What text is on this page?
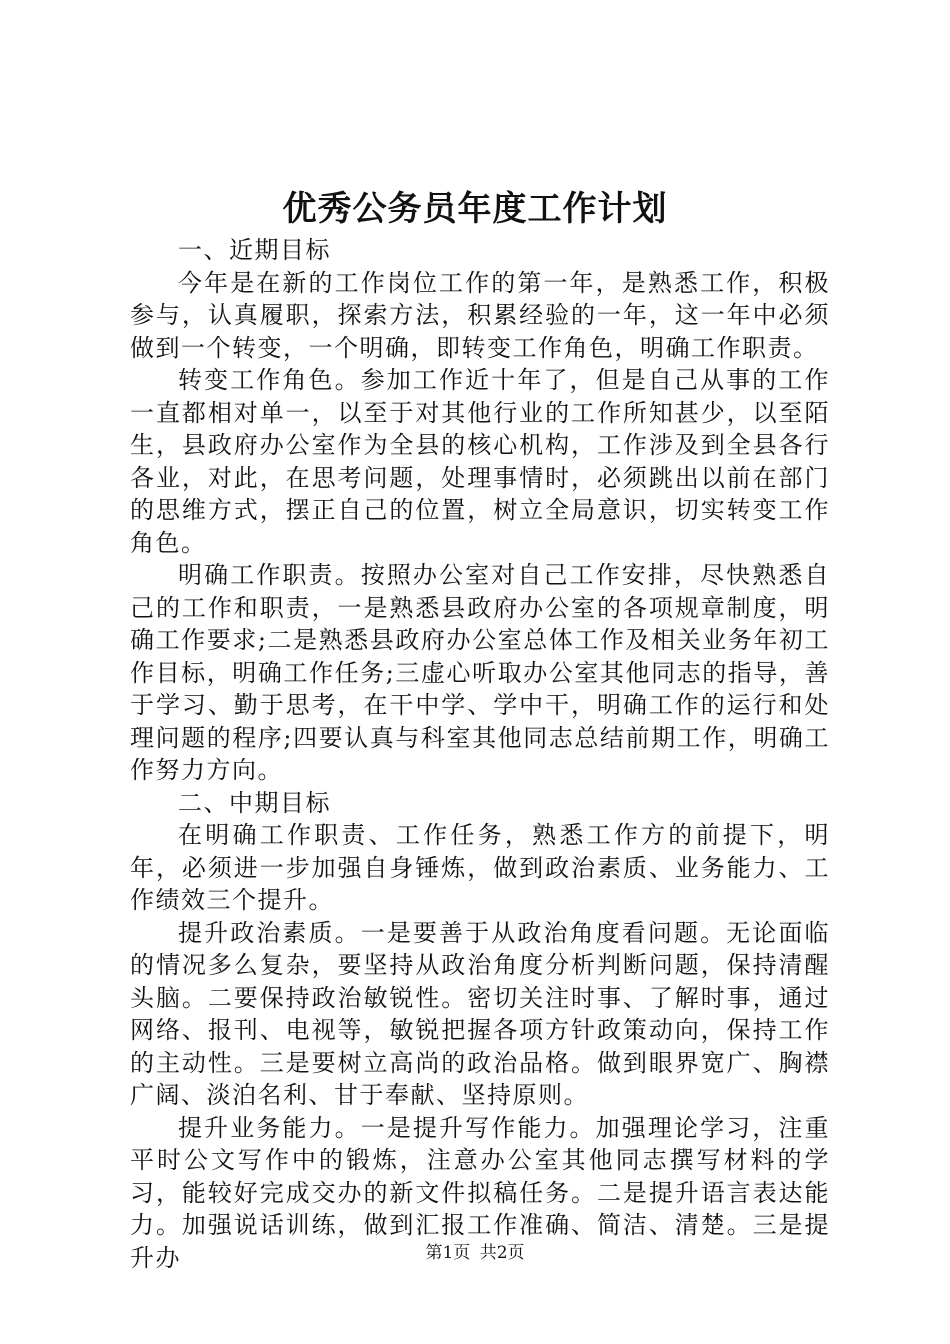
优秀公务员年度工作计划

一、近期目标

今年是在新的工作岗位工作的第一年，是熟悉工作，积极参与，认真履职，探索方法，积累经验的一年，这一年中必须做到一个转变，一个明确，即转变工作角色，明确工作职责。

转变工作角色。参加工作近十年了，但是自己从事的工作一直都相对单一，以至于对其他行业的工作所知甚少，以至陌生，县政府办公室作为全县的核心机构，工作涉及到全县各行各业，对此，在思考问题，处理事情时，必须跳出以前在部门的思维方式，摆正自己的位置，树立全局意识，切实转变工作角色。

明确工作职责。按照办公室对自己工作安排，尽快熟悉自己的工作和职责，一是熟悉县政府办公室的各项规章制度，明确工作要求;二是熟悉县政府办公室总体工作及相关业务年初工作目标，明确工作任务;三虚心听取办公室其他同志的指导，善于学习、勤于思考，在干中学、学中干，明确工作的运行和处理问题的程序;四要认真与科室其他同志总结前期工作，明确工作努力方向。

二、中期目标

在明确工作职责、工作任务，熟悉工作方的前提下，明年，必须进一步加强自身锤炼，做到政治素质、业务能力、工作绩效三个提升。

提升政治素质。一是要善于从政治角度看问题。无论面临的情况多么复杂，要坚持从政治角度分析判断问题，保持清醒头脑。二要保持政治敏锐性。密切关注时事、了解时事，通过网络、报刊、电视等，敏锐把握各项方针政策动向，保持工作的主动性。三是要树立高尚的政治品格。做到眼界宽广、胸襟广阔、淡泊名利、甘于奉献、坚持原则。

提升业务能力。一是提升写作能力。加强理论学习，注重平时公文写作中的锻炼，注意办公室其他同志撰写材料的学习，能较好完成交办的新文件拟稿任务。二是提升语言表达能力。加强说话训练，做到汇报工作准确、简洁、清楚。三是提升办	第1页 共2页
